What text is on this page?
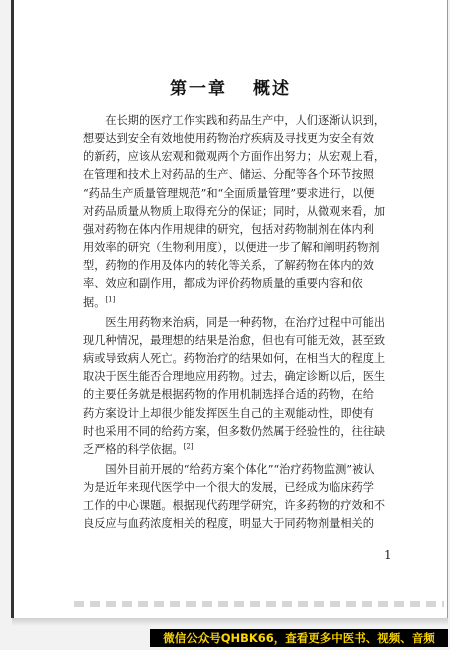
第一章 概述
在长期的医疗工作实践和药品生产中，人们逐渐认识到，
想要达到安全有效地使用药物治疗疾病及寻找更为安全有效
的新药，应该从宏观和微观两个方面作出努力；从宏观上看，
在管理和技术上对药品的生产、储运、分配等各个环节按照
“药品生产质量管理规范”和“全面质量管理”要求进行，以便
对药品质量从物质上取得充分的保证；同时，从微观来看，加
强对药物在体内作用规律的研究，包括对药物制剂在体内利
用效率的研究（生物利用度），以便进一步了解和阐明药物剂
型，药物的作用及体内的转化等关系，了解药物在体内的效
率、效应和副作用，都成为评价药物质量的重要内容和依
据。[1]
医生用药物来治病，同是一种药物，在治疗过程中可能出
现几种情况，最理想的结果是治愈，但也有可能无效，甚至致
病或导致病人死亡。药物治疗的结果如何，在相当大的程度上
取决于医生能否合理地应用药物。过去，确定诊断以后，医生
的主要任务就是根据药物的作用机制选择合适的药物，在给
药方案设计上却很少能发挥医生自己的主观能动性，即使有
时也采用不同的给药方案，但多数仍然属于经验性的，往往缺
乏严格的科学依据。[2]
国外目前开展的“给药方案个体化”“治疗药物监测”被认
为是近年来现代医学中一个很大的发展，已经成为临床药学
工作的中心课题。根据现代药理学研究，许多药物的疗效和不
良反应与血药浓度相关的程度，明显大于同药物剂量相关的
1
微信公众号QHBK66，查看更多中医书、视频、音频
